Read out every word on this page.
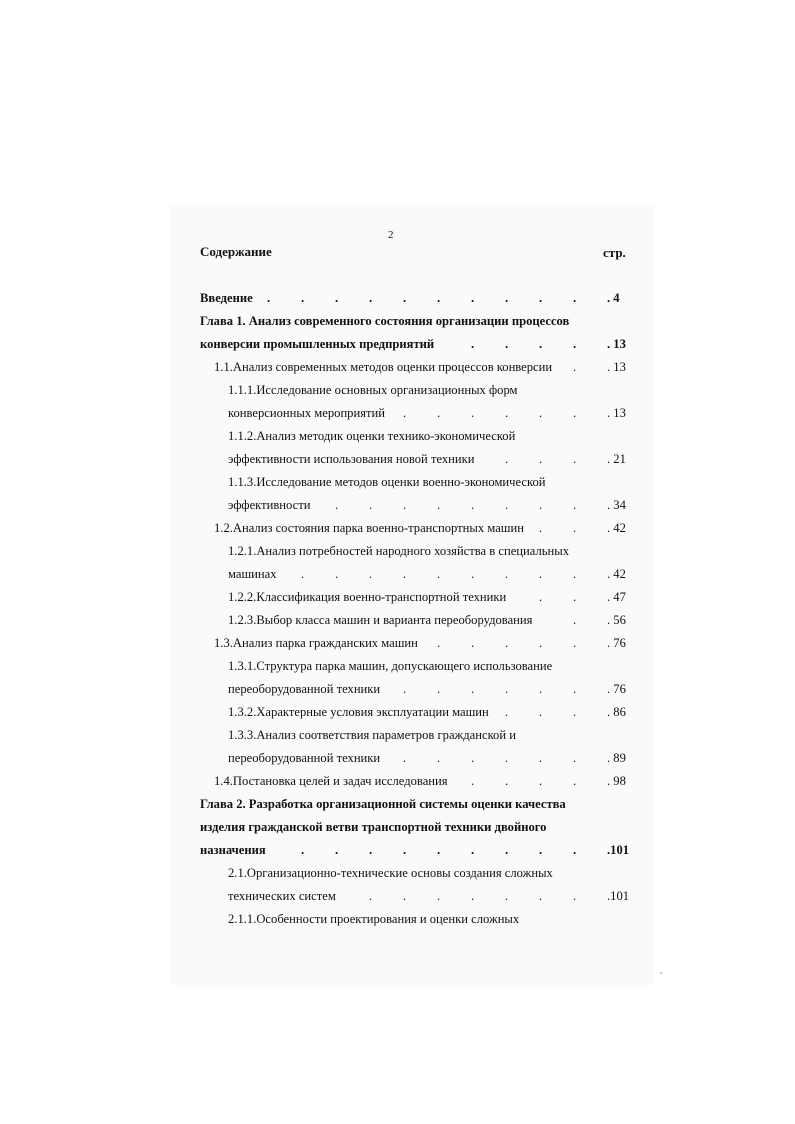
2
Содержание	стр.
Введение	. 4
. . . . . . . . . .
Глава 1. Анализ современного состояния организации процессов
конверсии промышленных предприятий	. 13
. . . .
1.1.Анализ современных методов оценки процессов конверсии	. 13
.
1.1.1.Исследование основных организационных форм
конверсионных мероприятий	. 13
. . . . . .
1.1.2.Анализ методик оценки технико-экономической
эффективности использования новой техники	. 21
. . .
1.1.3.Исследование методов оценки военно-экономической
эффективности	. 34
. . . . . . . .
1.2.Анализ состояния парка военно-транспортных машин	. 42
. .
1.2.1.Анализ потребностей народного хозяйства в специальных
машинах	. 42
. . . . . . . . .
1.2.2.Классификация военно-транспортной техники	. 47
. .
1.2.3.Выбор класса машин и варианта переоборудования	. 56
.
1.3.Анализ парка гражданских машин	. 76
. . . . .
1.3.1.Структура парка машин, допускающего использование
переоборудованной техники	. 76
. . . . . .
1.3.2.Характерные условия эксплуатации машин	. 86
. . .
1.3.3.Анализ соответствия параметров гражданской и
переоборудованной техники	. 89
. . . . . .
1.4.Постановка целей и задач исследования	. 98
. . . .
Глава 2. Разработка организационной системы оценки качества
изделия гражданской ветви транспортной техники двойного
назначения	.101
. . . . . . . . .
2.1.Организационно-технические основы создания сложных
технических систем	.101
. . . . . . .
2.1.1.Особенности проектирования и оценки сложных
